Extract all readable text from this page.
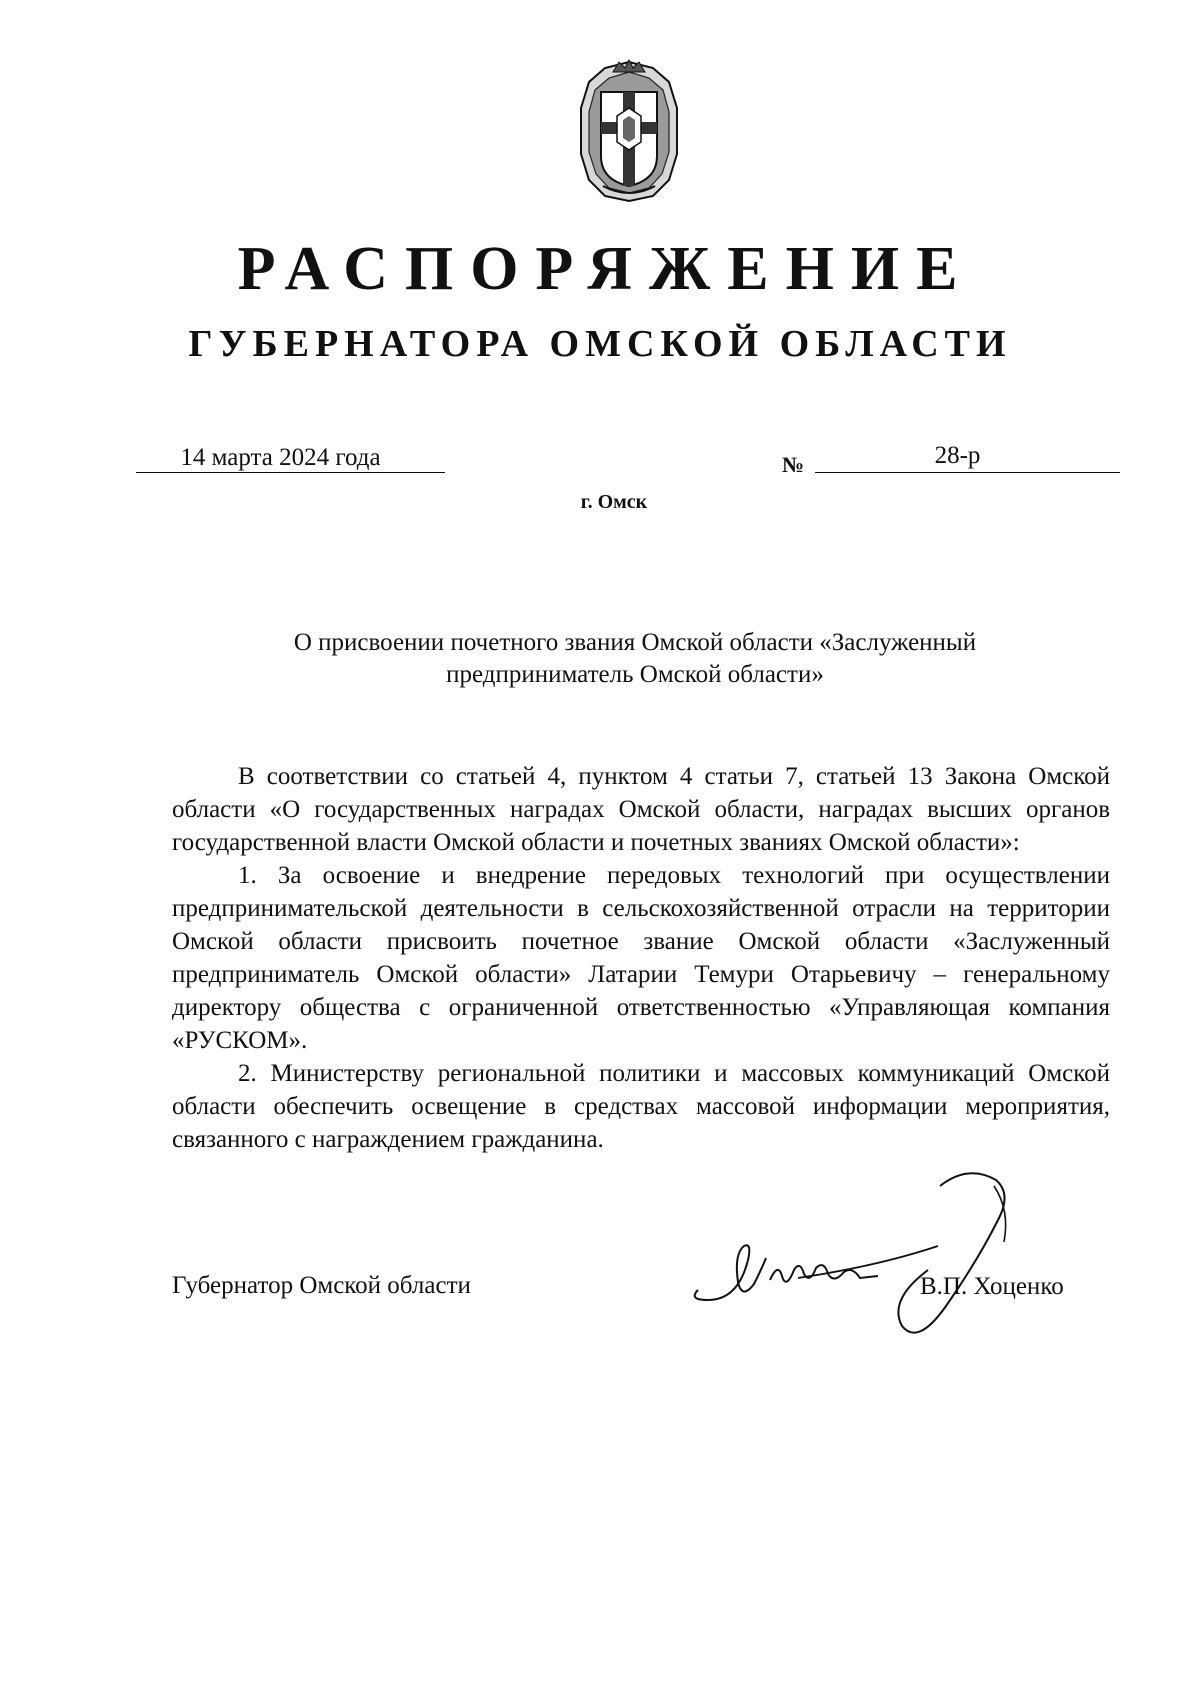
РАСПОРЯЖЕНИЕ
ГУБЕРНАТОРА ОМСКОЙ ОБЛАСТИ
14 марта 2024 года	№	28-р
г. Омск
О присвоении почетного звания Омской области «Заслуженный предприниматель Омской области»

В соответствии со статьей 4, пунктом 4 статьи 7, статьей 13 Закона Омской области «О государственных наградах Омской области, наградах высших органов государственной власти Омской области и почетных званиях Омской области»:

1. За освоение и внедрение передовых технологий при осуществлении предпринимательской деятельности в сельскохозяйственной отрасли на территории Омской области присвоить почетное звание Омской области «Заслуженный предприниматель Омской области» Латарии Темури Отарьевичу – генеральному директору общества с ограниченной ответственностью «Управляющая компания «РУСКОМ».

2. Министерству региональной политики и массовых коммуникаций Омской области обеспечить освещение в средствах массовой информации мероприятия, связанного с награждением гражданина.

Губернатор Омской области	В.П. Хоценко
